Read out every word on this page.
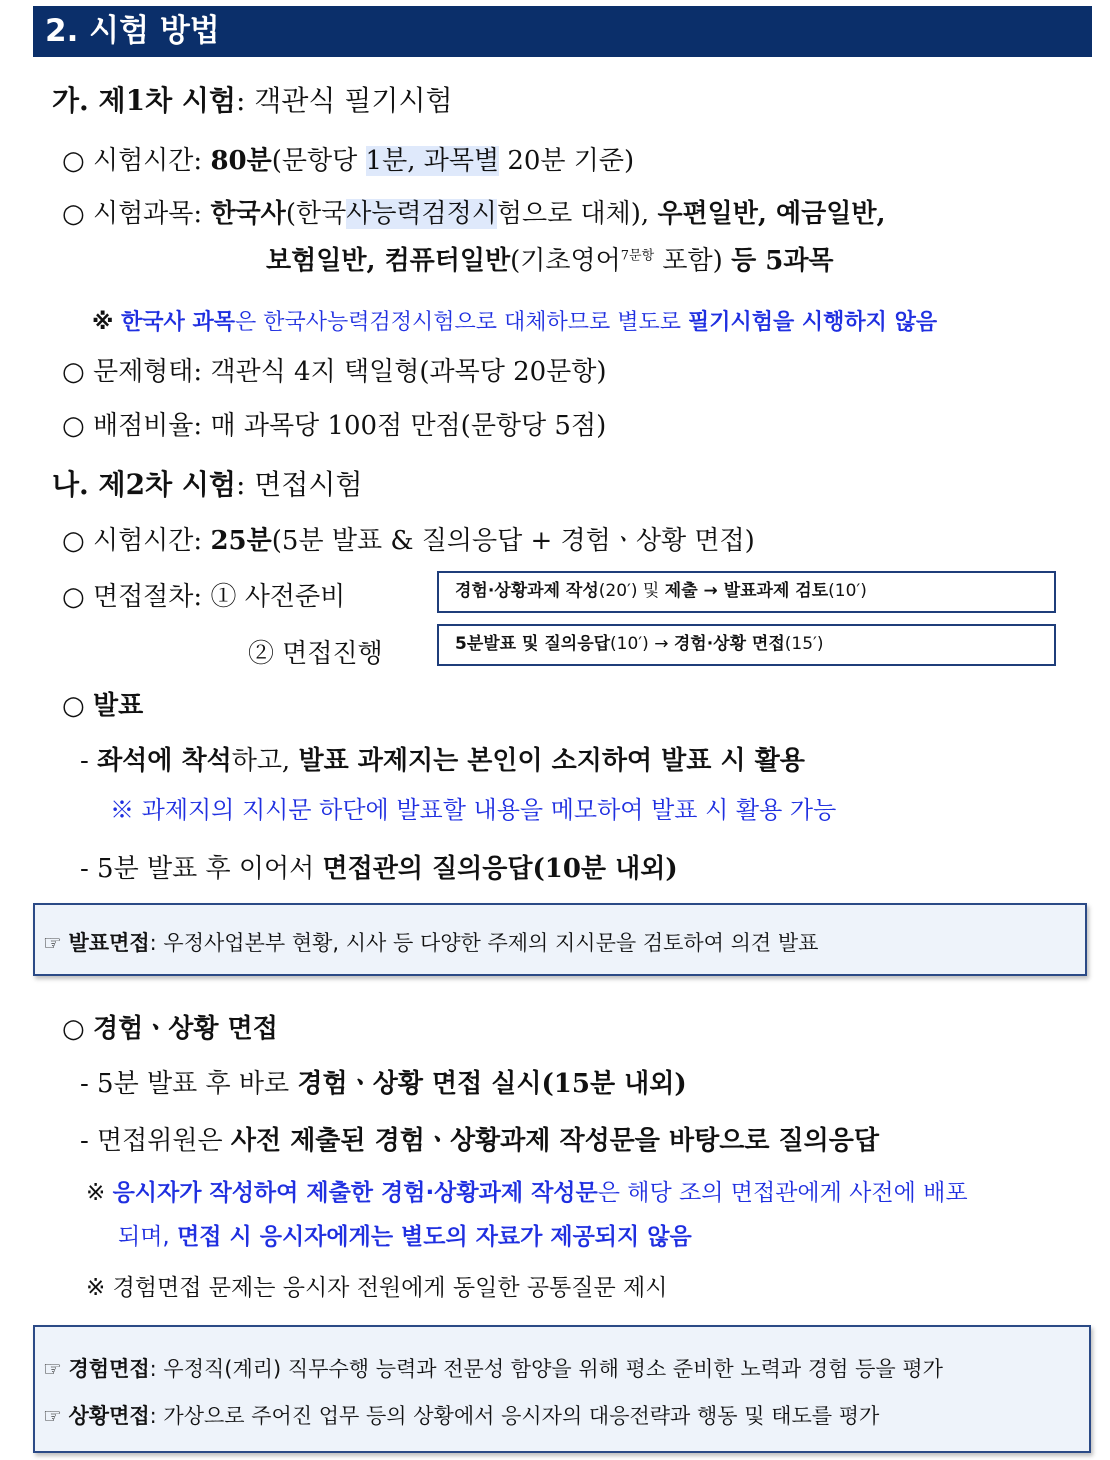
2. 시험 방법
가. 제1차 시험: 객관식 필기시험
○ 시험시간: 80분(문항당 1분, 과목별 20분 기준)
○ 시험과목: 한국사(한국사능력검정시험으로 대체), 우편일반, 예금일반,
보험일반, 컴퓨터일반(기초영어$^{7문항}$ 포함) 등 5과목
※ 한국사 과목은 한국사능력검정시험으로 대체하므로 별도로 필기시험을 시행하지 않음
○ 문제형태: 객관식 4지 택일형(과목당 20문항)
○ 배점비율: 매 과목당 100점 만점(문항당 5점)
나. 제2차 시험: 면접시험
○ 시험시간: 25분(5분 발표 & 질의응답 + 경험ㆍ상황 면접)
○ 면접절차: ① 사전준비	경험·상황과제 작성(20′) 및 제출 → 발표과제 검토(10′)
② 면접진행	5분발표 및 질의응답(10′) → 경험·상황 면접(15′)
○ 발표
- 좌석에 착석하고, 발표 과제지는 본인이 소지하여 발표 시 활용
※ 과제지의 지시문 하단에 발표할 내용을 메모하여 발표 시 활용 가능
- 5분 발표 후 이어서 면접관의 질의응답(10분 내외)
☞ 발표면접: 우정사업본부 현황, 시사 등 다양한 주제의 지시문을 검토하여 의견 발표
○ 경험ㆍ상황 면접
- 5분 발표 후 바로 경험ㆍ상황 면접 실시(15분 내외)
- 면접위원은 사전 제출된 경험ㆍ상황과제 작성문을 바탕으로 질의응답
※ 응시자가 작성하여 제출한 경험·상황과제 작성문은 해당 조의 면접관에게 사전에 배포
되며, 면접 시 응시자에게는 별도의 자료가 제공되지 않음
※ 경험면접 문제는 응시자 전원에게 동일한 공통질문 제시
☞ 경험면접: 우정직(계리) 직무수행 능력과 전문성 함양을 위해 평소 준비한 노력과 경험 등을 평가
☞ 상황면접: 가상으로 주어진 업무 등의 상황에서 응시자의 대응전략과 행동 및 태도를 평가
